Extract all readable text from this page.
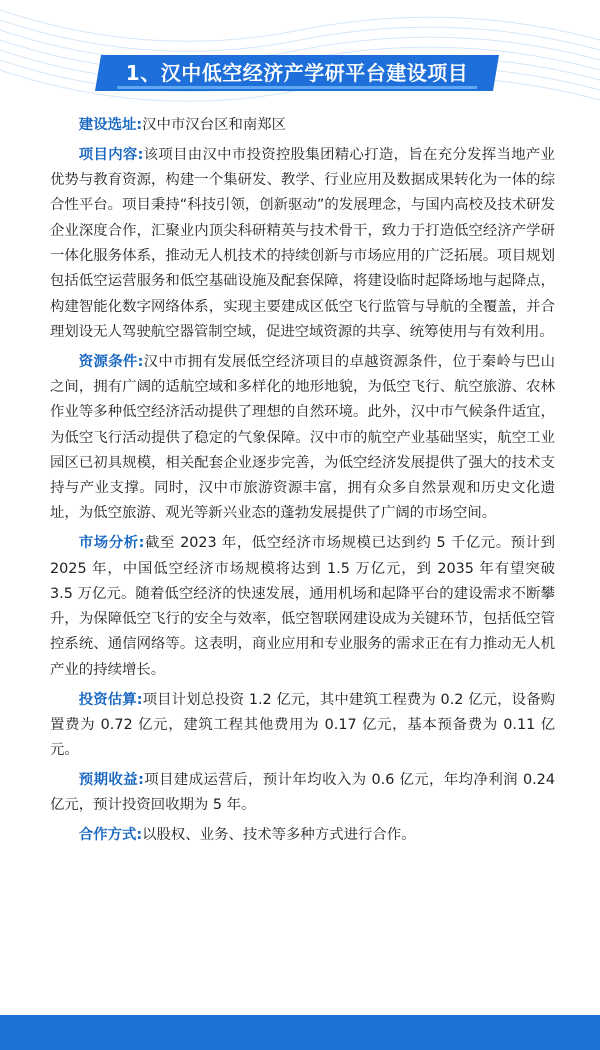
1、汉中低空经济产学研平台建设项目

建设选址:汉中市汉台区和南郑区

项目内容:该项目由汉中市投资控股集团精心打造，旨在充分发挥当地产业优势与教育资源，构建一个集研发、教学、行业应用及数据成果转化为一体的综合性平台。项目秉持“科技引领，创新驱动”的发展理念，与国内高校及技术研发企业深度合作，汇聚业内顶尖科研精英与技术骨干，致力于打造低空经济产学研一体化服务体系，推动无人机技术的持续创新与市场应用的广泛拓展。项目规划包括低空运营服务和低空基础设施及配套保障，将建设临时起降场地与起降点，构建智能化数字网络体系，实现主要建成区低空飞行监管与导航的全覆盖，并合理划设无人驾驶航空器管制空域，促进空域资源的共享、统筹使用与有效利用。

资源条件:汉中市拥有发展低空经济项目的卓越资源条件，位于秦岭与巴山之间，拥有广阔的适航空域和多样化的地形地貌，为低空飞行、航空旅游、农林作业等多种低空经济活动提供了理想的自然环境。此外，汉中市气候条件适宜，为低空飞行活动提供了稳定的气象保障。汉中市的航空产业基础坚实，航空工业园区已初具规模，相关配套企业逐步完善，为低空经济发展提供了强大的技术支持与产业支撑。同时，汉中市旅游资源丰富，拥有众多自然景观和历史文化遗址，为低空旅游、观光等新兴业态的蓬勃发展提供了广阔的市场空间。

市场分析:截至 2023 年，低空经济市场规模已达到约 5 千亿元。预计到 2025 年，中国低空经济市场规模将达到 1.5 万亿元，到 2035 年有望突破 3.5 万亿元。随着低空经济的快速发展，通用机场和起降平台的建设需求不断攀升，为保障低空飞行的安全与效率，低空智联网建设成为关键环节，包括低空管控系统、通信网络等。这表明，商业应用和专业服务的需求正在有力推动无人机产业的持续增长。

投资估算:项目计划总投资 1.2 亿元，其中建筑工程费为 0.2 亿元，设备购置费为 0.72 亿元，建筑工程其他费用为 0.17 亿元，基本预备费为 0.11 亿元。

预期收益:项目建成运营后，预计年均收入为 0.6 亿元，年均净利润 0.24 亿元，预计投资回收期为 5 年。

合作方式:以股权、业务、技术等多种方式进行合作。
